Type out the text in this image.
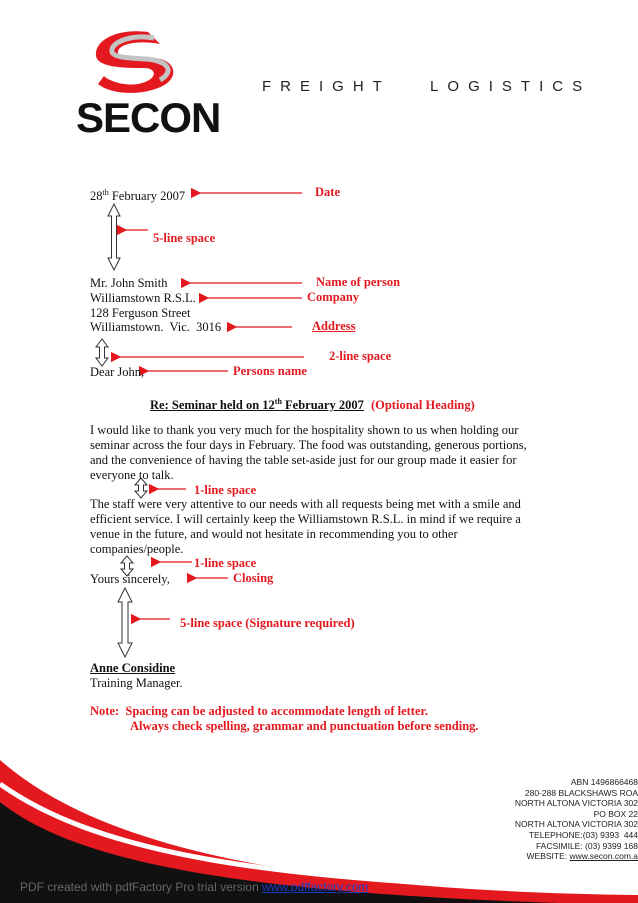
SECON
FREIGHT   LOGISTICS
28th February 2007	Date
5-line space
Mr. John Smith	Name of person
Williamstown R.S.L.	Company
128 Ferguson Street
Williamstown.  Vic.  3016	Address
2-line space
Dear John,	Persons name
Re: Seminar held on 12th February 2007 (Optional Heading)
I would like to thank you very much for the hospitality shown to us when holding our seminar across the four days in February. The food was outstanding, generous portions, and the convenience of having the table set-aside just for our group made it easier for everyone to talk.
1-line space
The staff were very attentive to our needs with all requests being met with a smile and efficient service. I will certainly keep the Williamstown R.S.L. in mind if we require a venue in the future, and would not hesitate in recommending you to other companies/people.
1-line space
Yours sincerely,	Closing
5-line space (Signature required)
Anne Considine
Training Manager.
Note:  Spacing can be adjusted to accommodate length of letter.
Always check spelling, grammar and punctuation before sending.
ABN 1496866468
280-288 BLACKSHAWS ROA
NORTH ALTONA VICTORIA 302
PO BOX 22
NORTH ALTONA VICTORIA 302
TELEPHONE:(03) 9393  444
FACSIMILE: (03) 9399 168
WEBSITE: www.secon.com.a
PDF created with pdfFactory Pro trial version www.pdffactory.com
